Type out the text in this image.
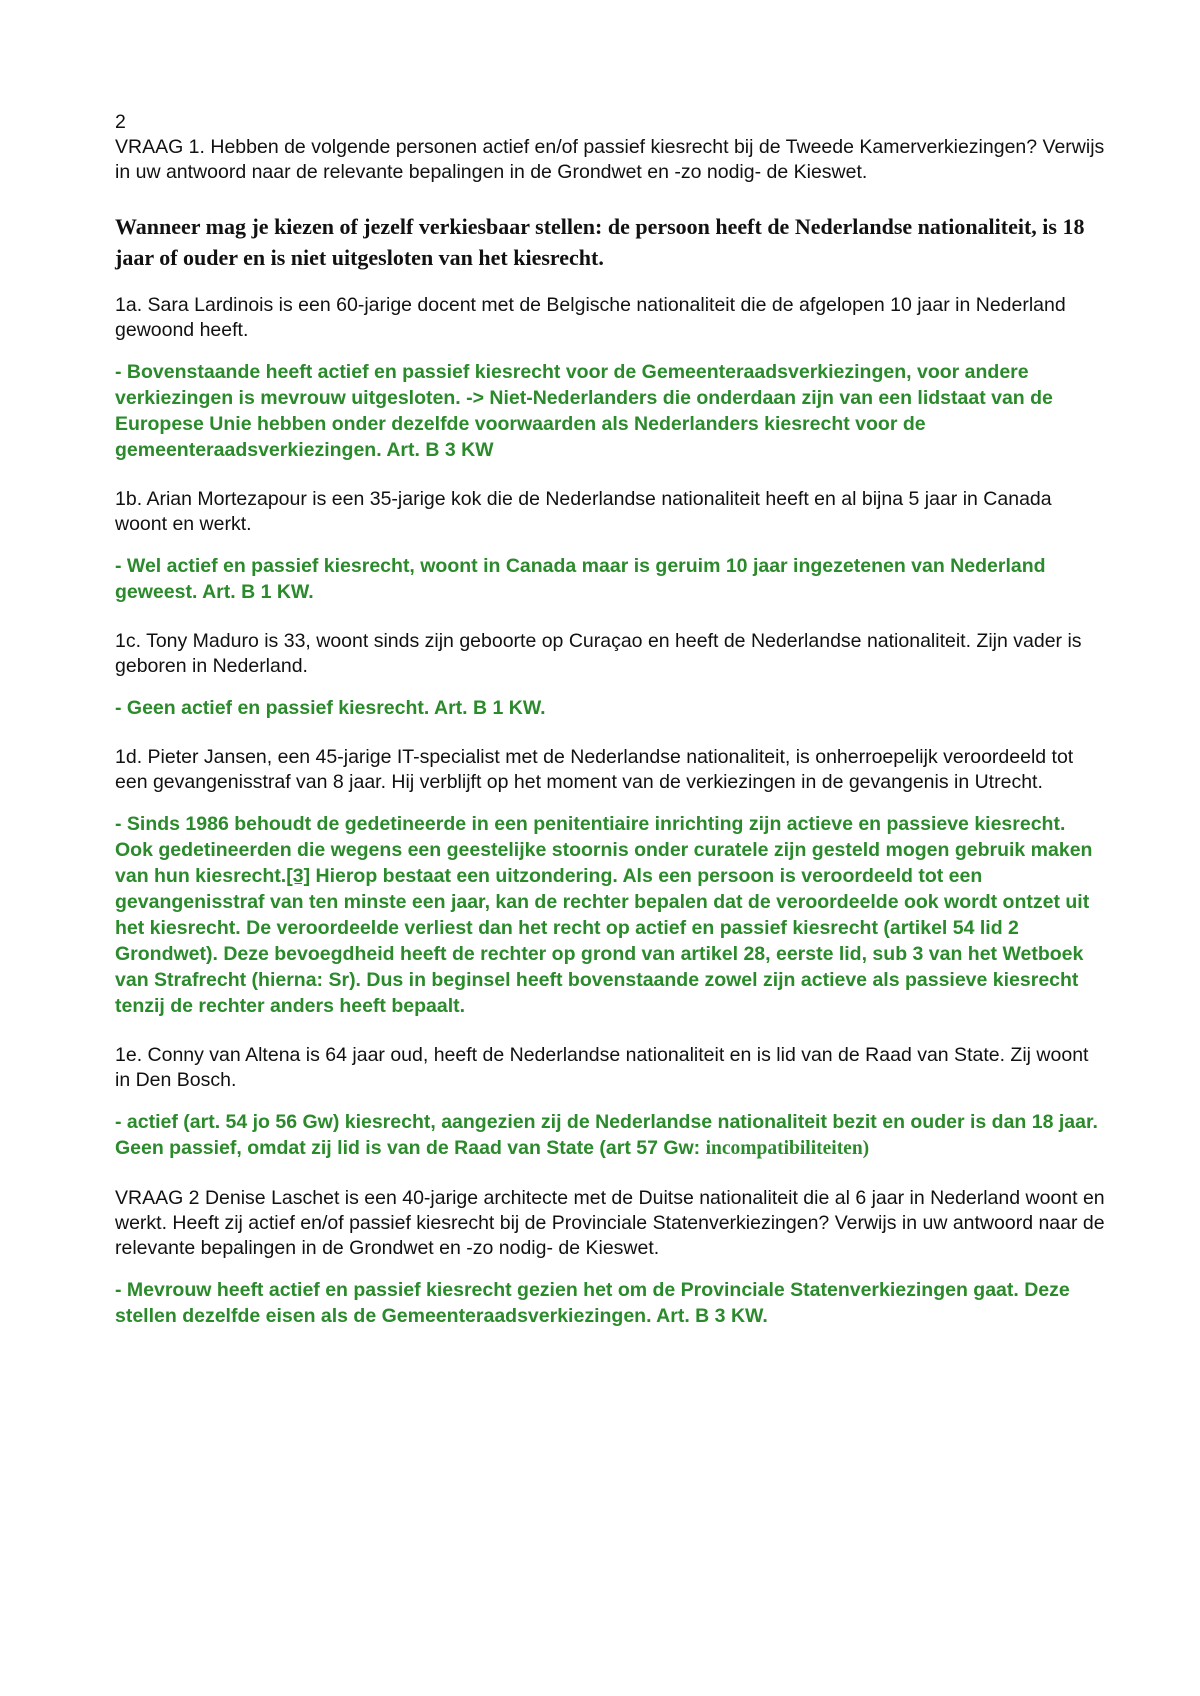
2

VRAAG 1. Hebben de volgende personen actief en/of passief kiesrecht bij de Tweede Kamerverkiezingen? Verwijs in uw antwoord naar de relevante bepalingen in de Grondwet en -zo nodig- de Kieswet.

Wanneer mag je kiezen of jezelf verkiesbaar stellen: de persoon heeft de Nederlandse nationaliteit, is 18 jaar of ouder en is niet uitgesloten van het kiesrecht.

1a. Sara Lardinois is een 60-jarige docent met de Belgische nationaliteit die de afgelopen 10 jaar in Nederland gewoond heeft.

- Bovenstaande heeft actief en passief kiesrecht voor de Gemeenteraadsverkiezingen, voor andere verkiezingen is mevrouw uitgesloten. -> Niet-Nederlanders die onderdaan zijn van een lidstaat van de Europese Unie hebben onder dezelfde voorwaarden als Nederlanders kiesrecht voor de gemeenteraadsverkiezingen. Art. B 3 KW

1b. Arian Mortezapour is een 35-jarige kok die de Nederlandse nationaliteit heeft en al bijna 5 jaar in Canada woont en werkt.

- Wel actief en passief kiesrecht, woont in Canada maar is geruim 10 jaar ingezetenen van Nederland geweest. Art. B 1 KW.

1c. Tony Maduro is 33, woont sinds zijn geboorte op Curaçao en heeft de Nederlandse nationaliteit. Zijn vader is geboren in Nederland.

- Geen actief en passief kiesrecht. Art. B 1 KW.

1d. Pieter Jansen, een 45-jarige IT-specialist met de Nederlandse nationaliteit, is onherroepelijk veroordeeld tot een gevangenisstraf van 8 jaar. Hij verblijft op het moment van de verkiezingen in de gevangenis in Utrecht.

- Sinds 1986 behoudt de gedetineerde in een penitentiaire inrichting zijn actieve en passieve kiesrecht. Ook gedetineerden die wegens een geestelijke stoornis onder curatele zijn gesteld mogen gebruik maken van hun kiesrecht.[3] Hierop bestaat een uitzondering. Als een persoon is veroordeeld tot een gevangenisstraf van ten minste een jaar, kan de rechter bepalen dat de veroordeelde ook wordt ontzet uit het kiesrecht. De veroordeelde verliest dan het recht op actief en passief kiesrecht (artikel 54 lid 2 Grondwet). Deze bevoegdheid heeft de rechter op grond van artikel 28, eerste lid, sub 3 van het Wetboek van Strafrecht (hierna: Sr). Dus in beginsel heeft bovenstaande zowel zijn actieve als passieve kiesrecht tenzij de rechter anders heeft bepaalt.

1e. Conny van Altena is 64 jaar oud, heeft de Nederlandse nationaliteit en is lid van de Raad van State. Zij woont in Den Bosch.

- actief (art. 54 jo 56 Gw) kiesrecht, aangezien zij de Nederlandse nationaliteit bezit en ouder is dan 18 jaar. Geen passief, omdat zij lid is van de Raad van State (art 57 Gw: incompatibiliteiten)

VRAAG 2 Denise Laschet is een 40-jarige architecte met de Duitse nationaliteit die al 6 jaar in Nederland woont en werkt. Heeft zij actief en/of passief kiesrecht bij de Provinciale Statenverkiezingen? Verwijs in uw antwoord naar de relevante bepalingen in de Grondwet en -zo nodig- de Kieswet.

- Mevrouw heeft actief en passief kiesrecht gezien het om de Provinciale Statenverkiezingen gaat. Deze stellen dezelfde eisen als de Gemeenteraadsverkiezingen. Art. B 3 KW.
